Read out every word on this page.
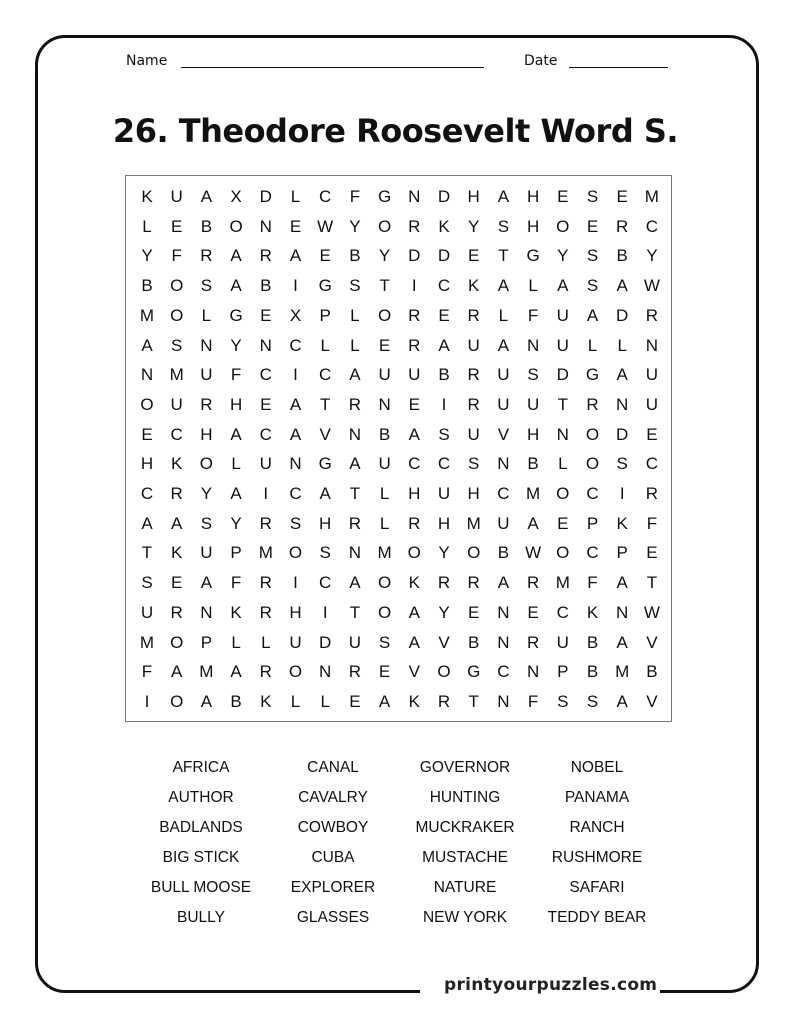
printyourpuzzles.com
Name	Date
26. Theodore Roosevelt Word S.
K	U	A	X	D	L	C	F	G N	D	H	A	H	E	S	E M
L	E	B	O N	E W Y	O R	K	Y	S	H O	E	R	C
Y	F	R	A	R	A	E	B	Y	D	D	E	T	G	Y	S	B	Y
B	O	S	A	B	I	G	S	T	I	C	K	A	L	A	S	A W
M O	L	G	E	X	P	L	O R	E	R	L	F	U	A	D	R
A	S	N	Y	N	C	L	L	E	R	A	U	A	N	U	L	L	N
N M U	F	C	I	C	A	U	U	B	R	U	S	D G	A	U
O U	R	H	E	A	T	R	N	E	I	R	U	U	T	R	N	U
E	C	H	A	C	A	V	N	B	A	S	U	V	H	N O D	E
H	K	O	L	U	N G	A	U	C	C	S	N	B	L	O	S	C
C	R	Y	A	I	C	A	T	L	H	U	H	C M O C	I	R
A	A	S	Y	R	S	H	R	L	R	H M U	A	E	P	K	F
T	K	U	P M O	S	N M O	Y	O	B W O C	P	E
S	E	A	F	R	I	C	A	O	K	R	R	A	R M	F	A	T
U	R	N	K	R	H	I	T	O	A	Y	E	N	E	C	K	N W
M O	P	L	L	U	D	U	S	A	V	B	N	R	U	B	A	V
F	A M A	R O N	R	E	V	O G C	N	P	B M B
I	O	A	B	K	L	L	E	A	K	R	T	N	F	S	S	A	V
AFRICA	CANAL	GOVERNOR	NOBEL
AUTHOR	CAVALRY	HUNTING	PANAMA
BADLANDS	COWBOY	MUCKRAKER	RANCH
BIG STICK	CUBA	MUSTACHE	RUSHMORE
BULL MOOSE	EXPLORER	NATURE	SAFARI
BULLY	GLASSES	NEW YORK	TEDDY BEAR
